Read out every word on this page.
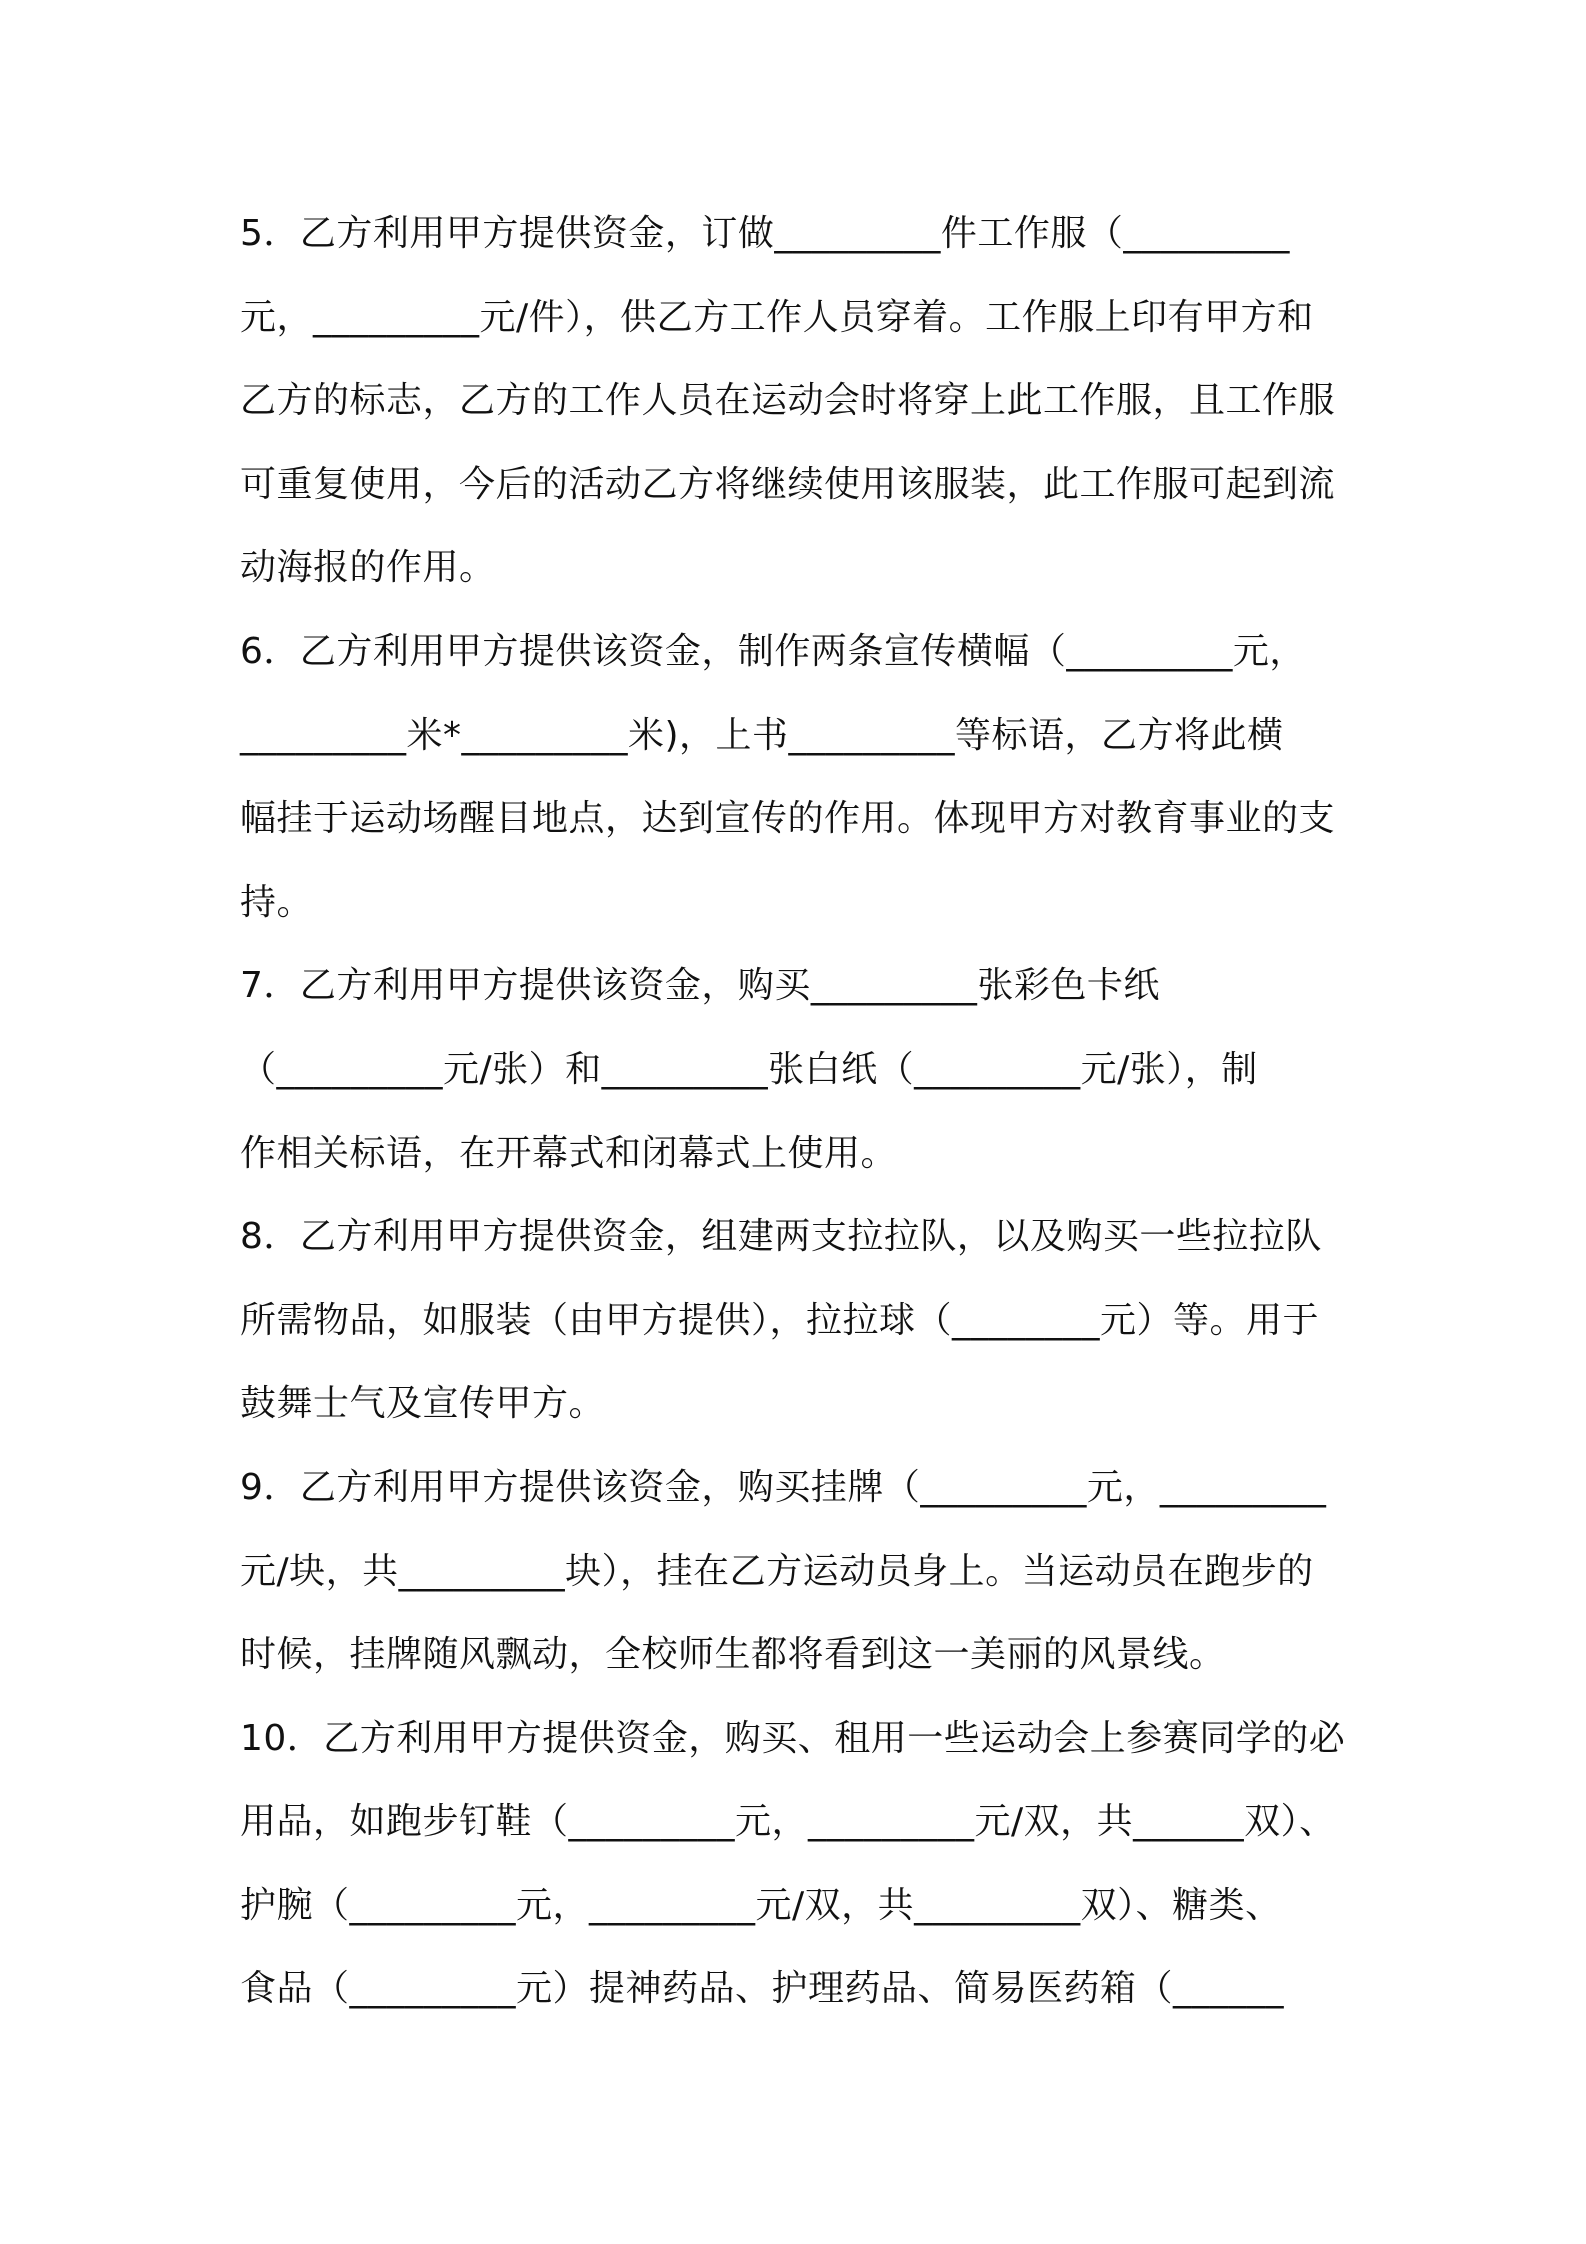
5．乙方利用甲方提供资金，订做_________件工作服（_________
元，_________元/件），供乙方工作人员穿着。工作服上印有甲方和
乙方的标志，乙方的工作人员在运动会时将穿上此工作服，且工作服
可重复使用，今后的活动乙方将继续使用该服装，此工作服可起到流
动海报的作用。
6．乙方利用甲方提供该资金，制作两条宣传横幅（_________元，
_________米*_________米)，上书_________等标语，乙方将此横
幅挂于运动场醒目地点，达到宣传的作用。体现甲方对教育事业的支
持。
7．乙方利用甲方提供该资金，购买_________张彩色卡纸
（_________元/张）和_________张白纸（_________元/张），制
作相关标语，在开幕式和闭幕式上使用。
8．乙方利用甲方提供资金，组建两支拉拉队，以及购买一些拉拉队
所需物品，如服装（由甲方提供），拉拉球（________元）等。用于
鼓舞士气及宣传甲方。
9．乙方利用甲方提供该资金，购买挂牌（_________元，_________
元/块，共_________块），挂在乙方运动员身上。当运动员在跑步的
时候，挂牌随风飘动，全校师生都将看到这一美丽的风景线。
10．乙方利用甲方提供资金，购买、租用一些运动会上参赛同学的必
用品，如跑步钉鞋（_________元，_________元/双，共______双）、
护腕（_________元，_________元/双，共_________双）、糖类、
食品（_________元）提神药品、护理药品、简易医药箱（______
